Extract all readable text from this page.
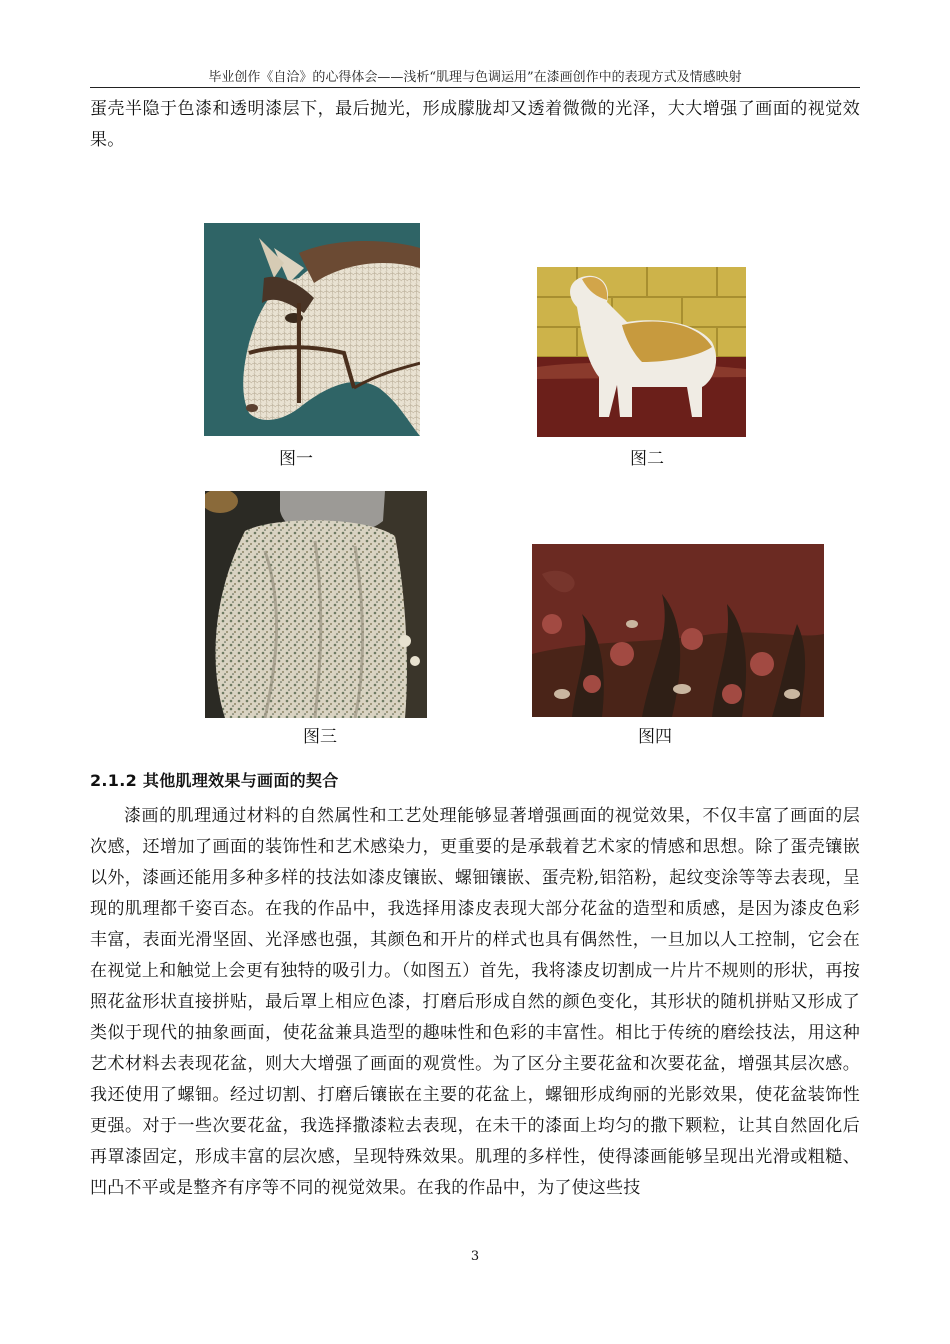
毕业创作《自洽》的心得体会——浅析“肌理与色调运用”在漆画创作中的表现方式及情感映射

蛋壳半隐于色漆和透明漆层下，最后抛光，形成朦胧却又透着微微的光泽，大大增强了画面的视觉效果。

图一	图二
图三	图四
2.1.2 其他肌理效果与画面的契合

漆画的肌理通过材料的自然属性和工艺处理能够显著增强画面的视觉效果，不仅丰富了画面的层次感，还增加了画面的装饰性和艺术感染力，更重要的是承载着艺术家的情感和思想。除了蛋壳镶嵌以外，漆画还能用多种多样的技法如漆皮镶嵌、螺钿镶嵌、蛋壳粉,铝箔粉，起纹变涂等等去表现，呈现的肌理都千姿百态。在我的作品中，我选择用漆皮表现大部分花盆的造型和质感，是因为漆皮色彩丰富，表面光滑坚固、光泽感也强，其颜色和开片的样式也具有偶然性，一旦加以人工控制，它会在在视觉上和触觉上会更有独特的吸引力。（如图五）首先，我将漆皮切割成一片片不规则的形状，再按照花盆形状直接拼贴，最后罩上相应色漆，打磨后形成自然的颜色变化，其形状的随机拼贴又形成了类似于现代的抽象画面，使花盆兼具造型的趣味性和色彩的丰富性。相比于传统的磨绘技法，用这种艺术材料去表现花盆，则大大增强了画面的观赏性。为了区分主要花盆和次要花盆，增强其层次感。我还使用了螺钿。经过切割、打磨后镶嵌在主要的花盆上，螺钿形成绚丽的光影效果，使花盆装饰性更强。对于一些次要花盆，我选择撒漆粒去表现，在未干的漆面上均匀的撒下颗粒，让其自然固化后再罩漆固定，形成丰富的层次感，呈现特殊效果。肌理的多样性，使得漆画能够呈现出光滑或粗糙、凹凸不平或是整齐有序等不同的视觉效果。在我的作品中，为了使这些技

3
